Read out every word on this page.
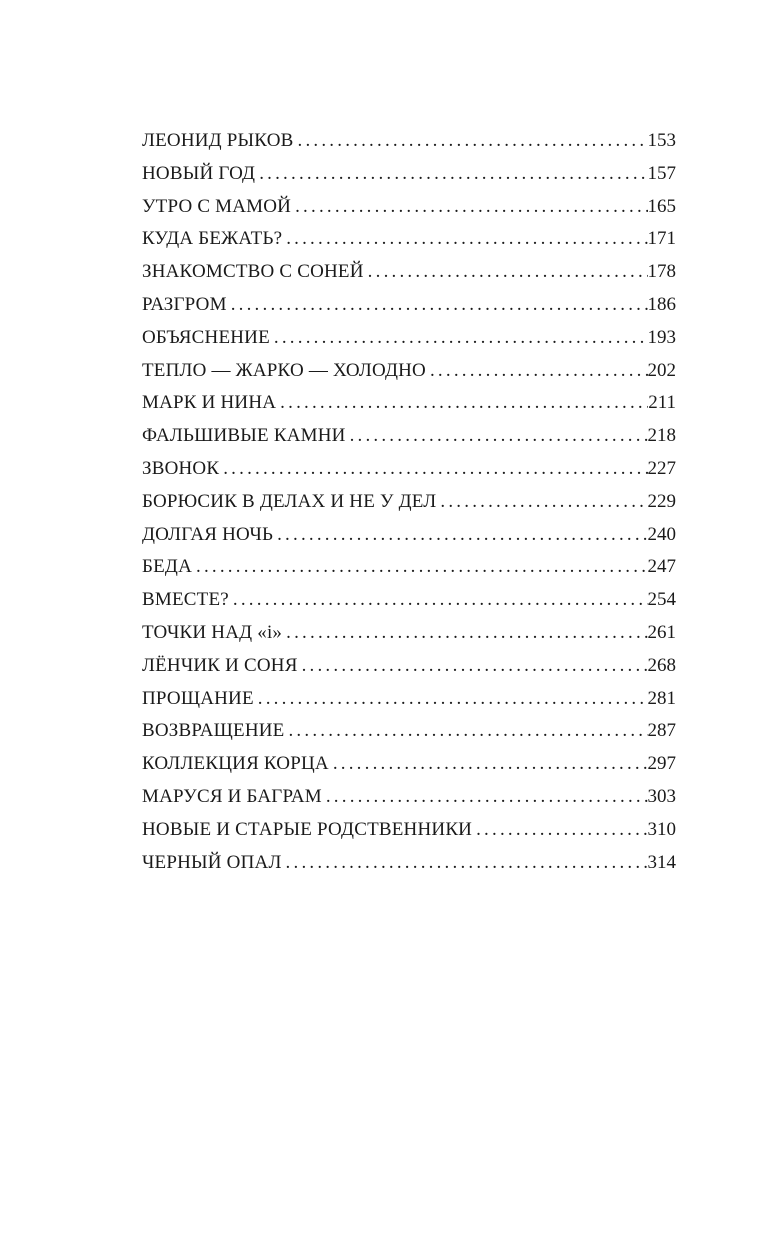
ЛЕОНИД РЫКОВ .....	153
НОВЫЙ ГОД .....	157
УТРО С МАМОЙ .....	165
КУДА БЕЖАТЬ? .....	171
ЗНАКОМСТВО С СОНЕЙ .....	178
РАЗГРОМ .....	186
ОБЪЯСНЕНИЕ .....	193
ТЕПЛО — ЖАРКО — ХОЛОДНО .....	202
МАРК И НИНА .....	211
ФАЛЬШИВЫЕ КАМНИ .....	218
ЗВОНОК .....	227
БОРЮСИК В ДЕЛАХ И НЕ У ДЕЛ .....	229
ДОЛГАЯ НОЧЬ .....	240
БЕДА .....	247
ВМЕСТЕ? .....	254
ТОЧКИ НАД «i» .....	261
ЛЁНЧИК И СОНЯ .....	268
ПРОЩАНИЕ .....	281
ВОЗВРАЩЕНИЕ .....	287
КОЛЛЕКЦИЯ КОРЦА .....	297
МАРУСЯ И БАГРАМ .....	303
НОВЫЕ И СТАРЫЕ РОДСТВЕННИКИ .....	310
ЧЕРНЫЙ ОПАЛ .....	314
